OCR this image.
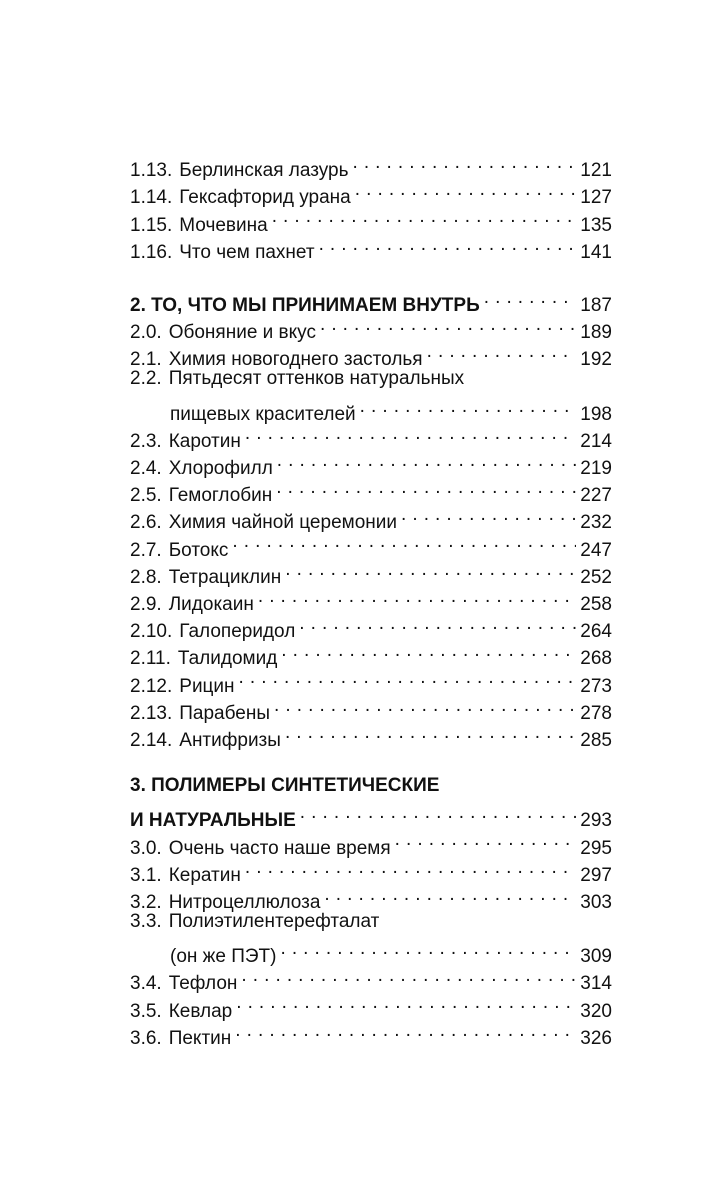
1.13. Берлинская лазурь . . .	121
1.14. Гексафторид урана . . .	127
1.15. Мочевина . . .	135
1.16. Что чем пахнет . . .	141
2. ТО, ЧТО МЫ ПРИНИМАЕМ ВНУТРЬ . . .	187
2.0. Обоняние и вкус . . .	189
2.1. Химия новогоднего застолья . . .	192
2.2. Пятьдесят оттенков натуральных
пищевых красителей . . .	198
2.3. Каротин . . .	214
2.4. Хлорофилл . . .	219
2.5. Гемоглобин . . .	227
2.6. Химия чайной церемонии . . .	232
2.7. Ботокс . . .	247
2.8. Тетрациклин . . .	252
2.9. Лидокаин . . .	258
2.10. Галоперидол . . .	264
2.11. Талидомид . . .	268
2.12. Рицин . . .	273
2.13. Парабены . . .	278
2.14. Антифризы . . .	285
3. ПОЛИМЕРЫ СИНТЕТИЧЕСКИЕ
И НАТУРАЛЬНЫЕ . . .	293
3.0. Очень часто наше время . . .	295
3.1. Кератин . . .	297
3.2. Нитроцеллюлоза . . .	303
3.3. Полиэтилентерефталат
(он же ПЭТ) . . .	309
3.4. Тефлон . . .	314
3.5. Кевлар . . .	320
3.6. Пектин . . .	326
